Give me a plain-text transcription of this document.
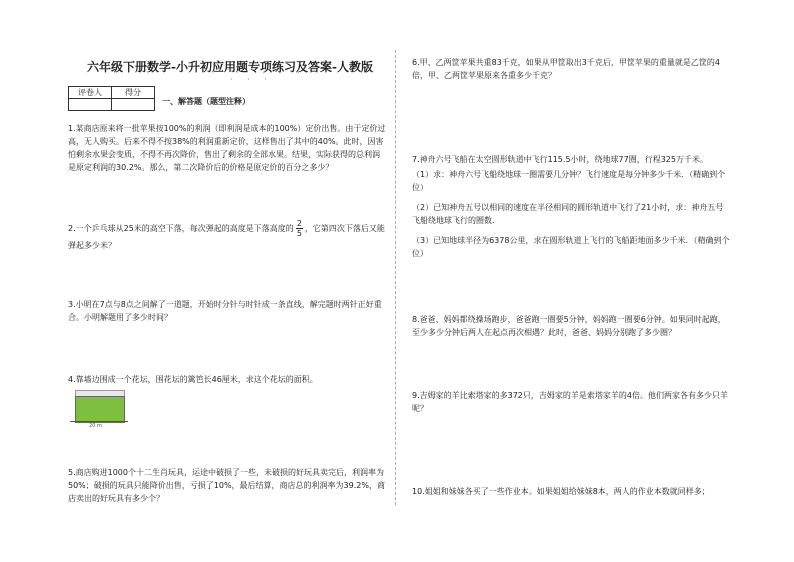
六年级下册数学-小升初应用题专项练习及答案-人教版
· · ·
评卷人	得分

一、解答题（题型注释）
1.某商店原来将一批苹果按100%的利润（即利润是成本的100%）定价出售。由于定价过高，无人购买。后来不得不按38%的利润重新定价，这样售出了其中的40%。此时，因害怕剩余水果会变质，不得不再次降价，售出了剩余的全部水果。结果，实际获得的总利润是原定利润的30.2%。那么，第二次降价后的价格是原定价的百分之多少？
2.一个乒乓球从25米的高空下落，每次弹起的高度是下落高度的 $\frac{2}{5}$ ，它第四次下落后又能弹起多少米？
3.小明在7点与8点之间解了一道题，开始时分针与时针成一条直线，解完题时两针正好重合。小明解题用了多少时间？
4.靠墙边围成一个花坛，围花坛的篱笆长46厘米，求这个花坛的面积。
20 m
5.商店购进1000个十二生肖玩具，运途中破损了一些，未破损的好玩具卖完后，利润率为50%；破损的玩具只能降价出售，亏损了10%，最后结算，商店总的利润率为39.2%，商店卖出的好玩具有多少个？
6.甲、乙两筐苹果共重83千克，如果从甲筐取出3千克后，甲筐苹果的重量就是乙筐的4倍，甲、乙两筐苹果原来各重多少千克？
7.神舟六号飞船在太空圆形轨道中飞行115.5小时，绕地球77圈，行程325万千米。
（1）求：神舟六号飞船绕地球一圈需要几分钟？飞行速度是每分钟多少千米．（精确到个位）
（2）已知神舟五号以相同的速度在半径相同的圆形轨道中飞行了21小时，求：神舟五号飞船绕地球飞行的圈数．
（3）已知地球半径为6378公里，求在圆形轨道上飞行的飞船距地面多少千米．（精确到个位）
8.爸爸、妈妈都绕操场跑步，爸爸跑一圈要5分钟，妈妈跑一圈要6分钟。如果同时起跑，至少多少分钟后两人在起点再次相遇？此时，爸爸、妈妈分别跑了多少圈？
9.吉姆家的羊比索塔家的多372只，吉姆家的羊是索塔家羊的4倍。他们两家各有多少只羊呢？
10.姐姐和妹妹各买了一些作业本。如果姐姐给妹妹8本，两人的作业本数就同样多；
